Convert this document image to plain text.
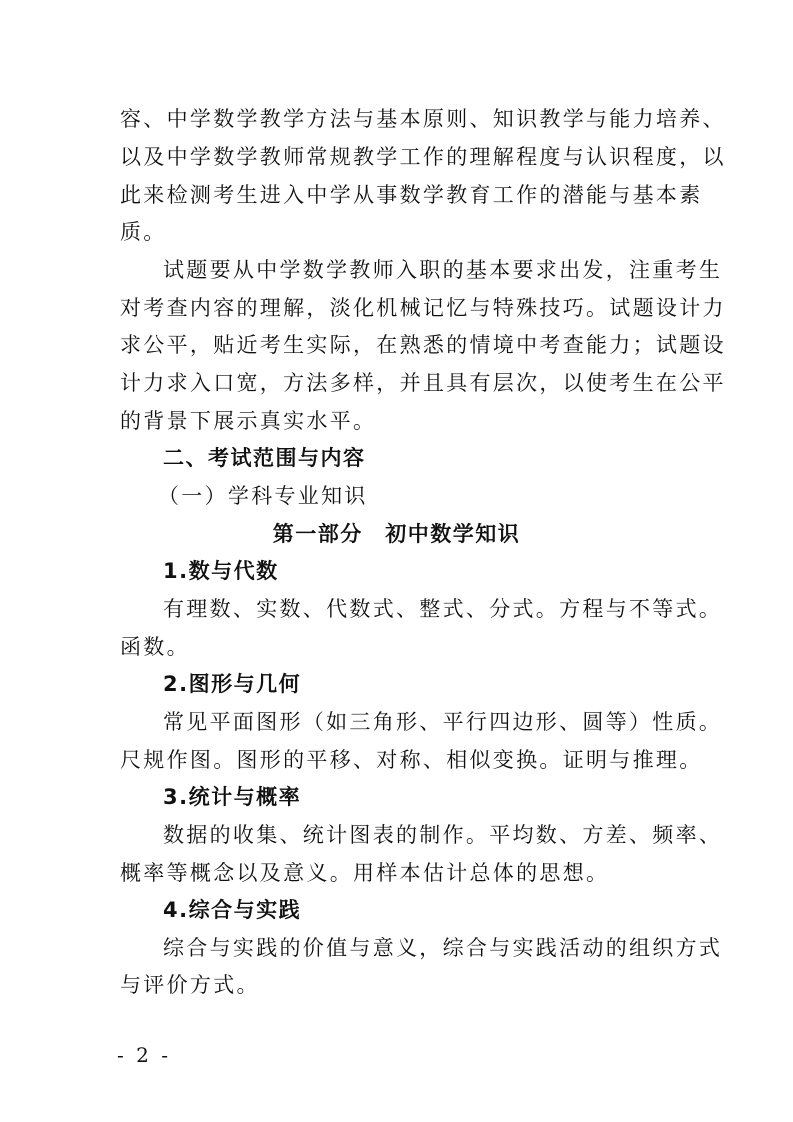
容、中学数学教学方法与基本原则、知识教学与能力培养、
以及中学数学教师常规教学工作的理解程度与认识程度，以
此来检测考生进入中学从事数学教育工作的潜能与基本素
质。
试题要从中学数学教师入职的基本要求出发，注重考生
对考查内容的理解，淡化机械记忆与特殊技巧。试题设计力
求公平，贴近考生实际，在熟悉的情境中考查能力；试题设
计力求入口宽，方法多样，并且具有层次，以使考生在公平
的背景下展示真实水平。
二、考试范围与内容
（一）学科专业知识
第一部分　初中数学知识
1.数与代数
有理数、实数、代数式、整式、分式。方程与不等式。
函数。
2.图形与几何
常见平面图形（如三角形、平行四边形、圆等）性质。
尺规作图。图形的平移、对称、相似变换。证明与推理。
3.统计与概率
数据的收集、统计图表的制作。平均数、方差、频率、
概率等概念以及意义。用样本估计总体的思想。
4.综合与实践
综合与实践的价值与意义，综合与实践活动的组织方式
与评价方式。
- 2 -
